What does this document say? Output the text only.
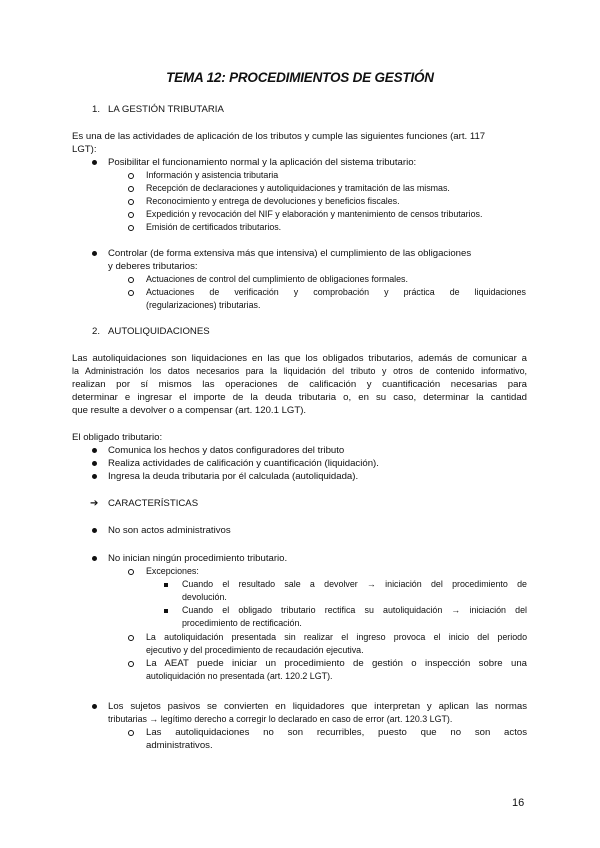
TEMA 12: PROCEDIMIENTOS DE GESTIÓN
1. LA GESTIÓN TRIBUTARIA
Es una de las actividades de aplicación de los tributos y cumple las siguientes funciones (art. 117
LGT):
Posibilitar el funcionamiento normal y la aplicación del sistema tributario:
Información y asistencia tributaria
Recepción de declaraciones y autoliquidaciones y tramitación de las mismas.
Reconocimiento y entrega de devoluciones y beneficios fiscales.
Expedición y revocación del NIF y elaboración y mantenimiento de censos tributarios.
Emisión de certificados tributarios.
Controlar (de forma extensiva más que intensiva) el cumplimiento de las obligaciones
y deberes tributarios:
Actuaciones de control del cumplimiento de obligaciones formales.
Actuaciones de verificación y comprobación y práctica de liquidaciones
(regularizaciones) tributarias.
2. AUTOLIQUIDACIONES
Las autoliquidaciones son liquidaciones en las que los obligados tributarios, además de comunicar a
la Administración los datos necesarios para la liquidación del tributo y otros de contenido informativo,
realizan por sí mismos las operaciones de calificación y cuantificación necesarias para
determinar e ingresar el importe de la deuda tributaria o, en su caso, determinar la cantidad
que resulte a devolver o a compensar (art. 120.1 LGT).
El obligado tributario:
Comunica los hechos y datos configuradores del tributo
Realiza actividades de calificación y cuantificación (liquidación).
Ingresa la deuda tributaria por él calculada (autoliquidada).
➔ CARACTERÍSTICAS
No son actos administrativos
No inician ningún procedimiento tributario.
Excepciones:
Cuando el resultado sale a devolver → iniciación del procedimiento de
devolución.
Cuando el obligado tributario rectifica su autoliquidación → iniciación del
procedimiento de rectificación.
La autoliquidación presentada sin realizar el ingreso provoca el inicio del periodo
ejecutivo y del procedimiento de recaudación ejecutiva.
La AEAT puede iniciar un procedimiento de gestión o inspección sobre una
autoliquidación no presentada (art. 120.2 LGT).
Los sujetos pasivos se convierten en liquidadores que interpretan y aplican las normas
tributarias → legítimo derecho a corregir lo declarado en caso de error (art. 120.3 LGT).
Las autoliquidaciones no son recurribles, puesto que no son actos
administrativos.
16
